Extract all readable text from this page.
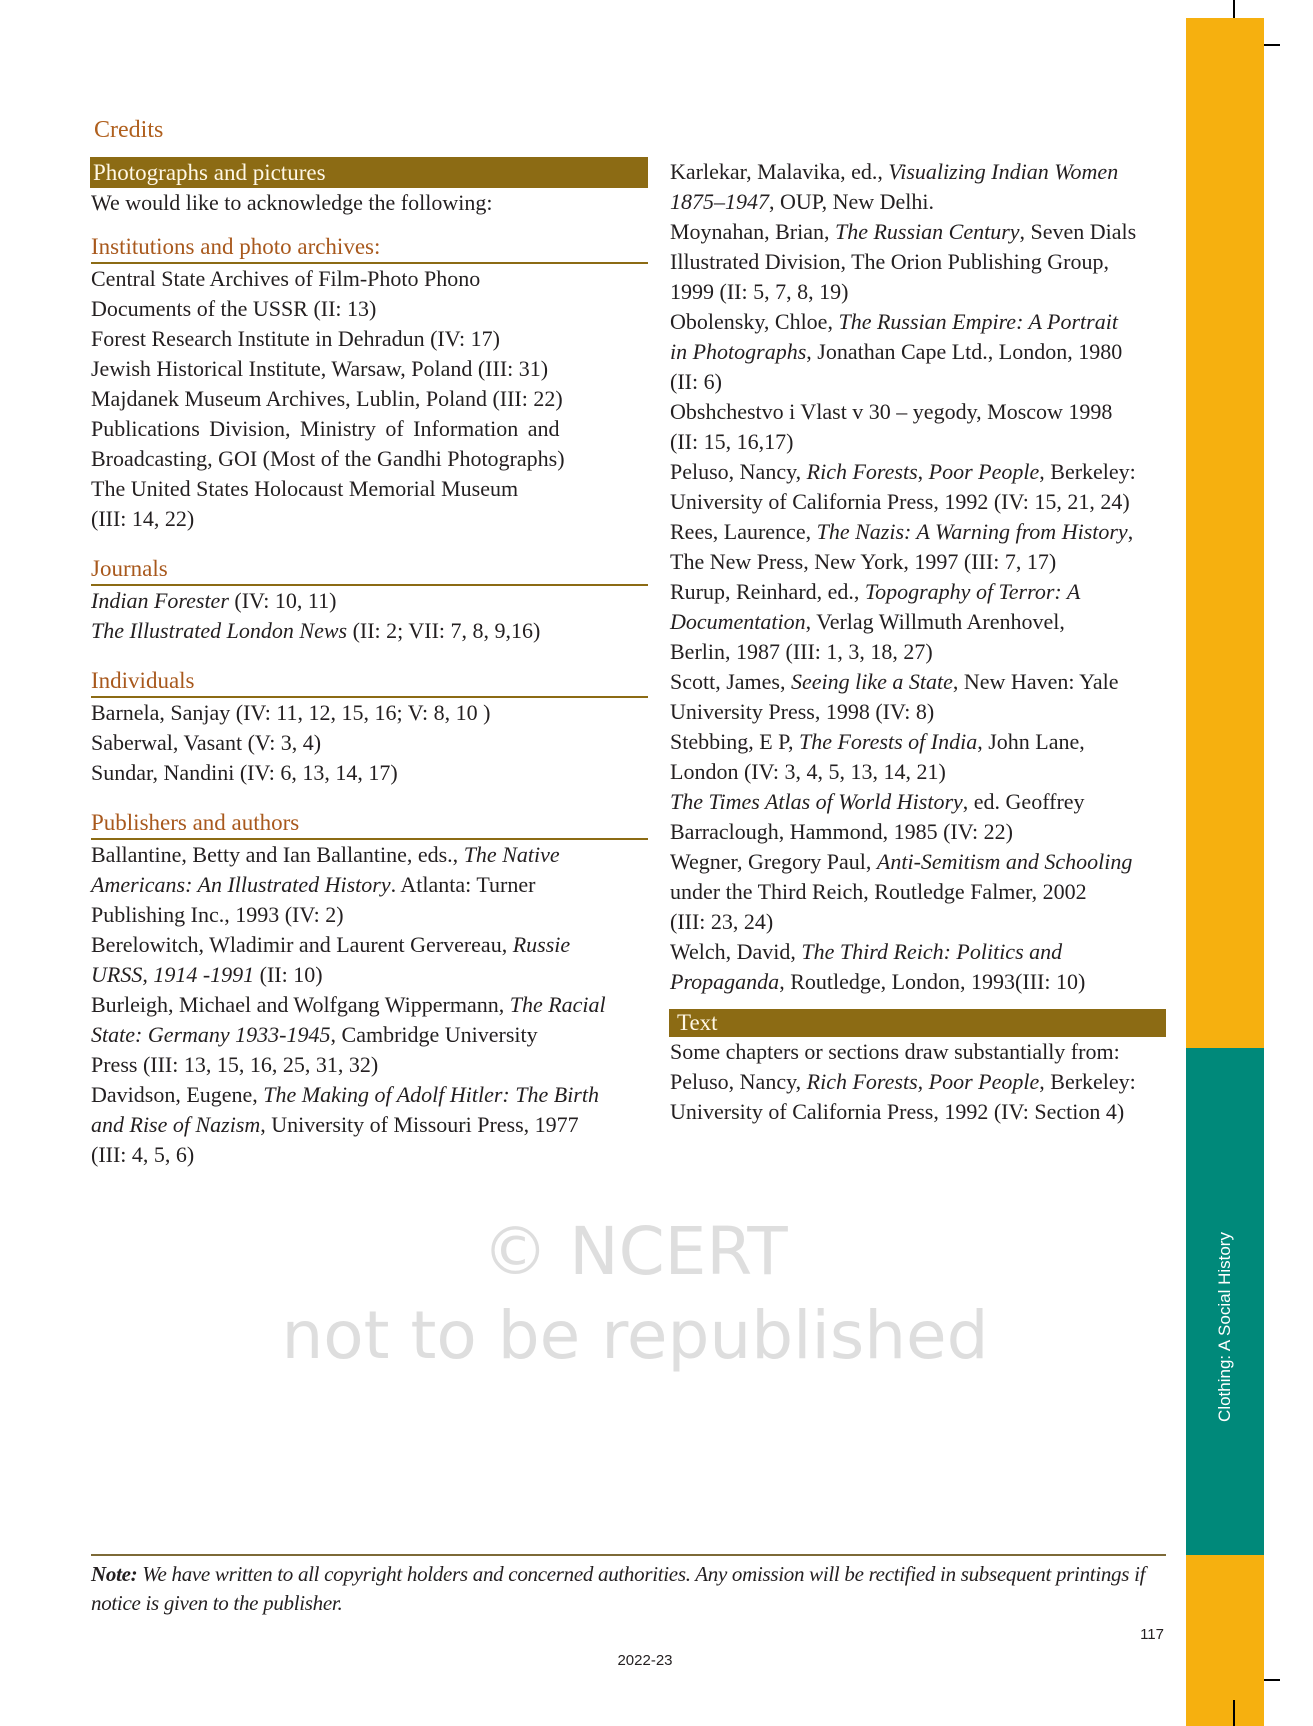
© NCERT
not to be republished	Clothing: A Social History
Credits
Photographs and pictures
We would like to acknowledge the following:
Institutions and photo archives:
Central State Archives of Film-Photo Phono
Documents of the USSR (II: 13)
Forest Research Institute in Dehradun (IV: 17)
Jewish Historical Institute, Warsaw, Poland (III: 31)
Majdanek Museum Archives, Lublin, Poland (III: 22)
Publications Division, Ministry of Information and
Broadcasting, GOI (Most of the Gandhi Photographs)
The United States Holocaust Memorial Museum
(III: 14, 22)
Journals
Indian Forester (IV: 10, 11)
The Illustrated London News (II: 2; VII: 7, 8, 9,16)
Individuals
Barnela, Sanjay (IV: 11, 12, 15, 16; V: 8, 10 )
Saberwal, Vasant (V: 3, 4)
Sundar, Nandini (IV: 6, 13, 14, 17)
Publishers and authors
Ballantine, Betty and Ian Ballantine, eds., The Native
Americans: An Illustrated History. Atlanta: Turner
Publishing Inc., 1993 (IV: 2)
Berelowitch, Wladimir and Laurent Gervereau, Russie
URSS, 1914 -1991 (II: 10)
Burleigh, Michael and Wolfgang Wippermann, The Racial
State: Germany 1933-1945, Cambridge University
Press (III: 13, 15, 16, 25, 31, 32)
Davidson, Eugene, The Making of Adolf Hitler: The Birth
and Rise of Nazism, University of Missouri Press, 1977
(III: 4, 5, 6)
Karlekar, Malavika, ed., Visualizing Indian Women
1875–1947, OUP, New Delhi.
Moynahan, Brian, The Russian Century, Seven Dials
Illustrated Division, The Orion Publishing Group,
1999 (II: 5, 7, 8, 19)
Obolensky, Chloe, The Russian Empire: A Portrait
in Photographs, Jonathan Cape Ltd., London, 1980
(II: 6)
Obshchestvo i Vlast v 30 – yegody, Moscow 1998
(II: 15, 16,17)
Peluso, Nancy, Rich Forests, Poor People, Berkeley:
University of California Press, 1992 (IV: 15, 21, 24)
Rees, Laurence, The Nazis: A Warning from History,
The New Press, New York, 1997 (III: 7, 17)
Rurup, Reinhard, ed., Topography of Terror: A
Documentation, Verlag Willmuth Arenhovel,
Berlin, 1987 (III: 1, 3, 18, 27)
Scott, James, Seeing like a State, New Haven: Yale
University Press, 1998 (IV: 8)
Stebbing, E P, The Forests of India, John Lane,
London (IV: 3, 4, 5, 13, 14, 21)
The Times Atlas of World History, ed. Geoffrey
Barraclough, Hammond, 1985 (IV: 22)
Wegner, Gregory Paul, Anti-Semitism and Schooling
under the Third Reich, Routledge Falmer, 2002
(III: 23, 24)
Welch, David, The Third Reich: Politics and
Propaganda, Routledge, London, 1993(III: 10)
Text
Some chapters or sections draw substantially from:
Peluso, Nancy, Rich Forests, Poor People, Berkeley:
University of California Press, 1992 (IV: Section 4)
Note: We have written to all copyright holders and concerned authorities. Any omission will be rectified in subsequent printings if notice is given to the publisher.
117
2022-23
